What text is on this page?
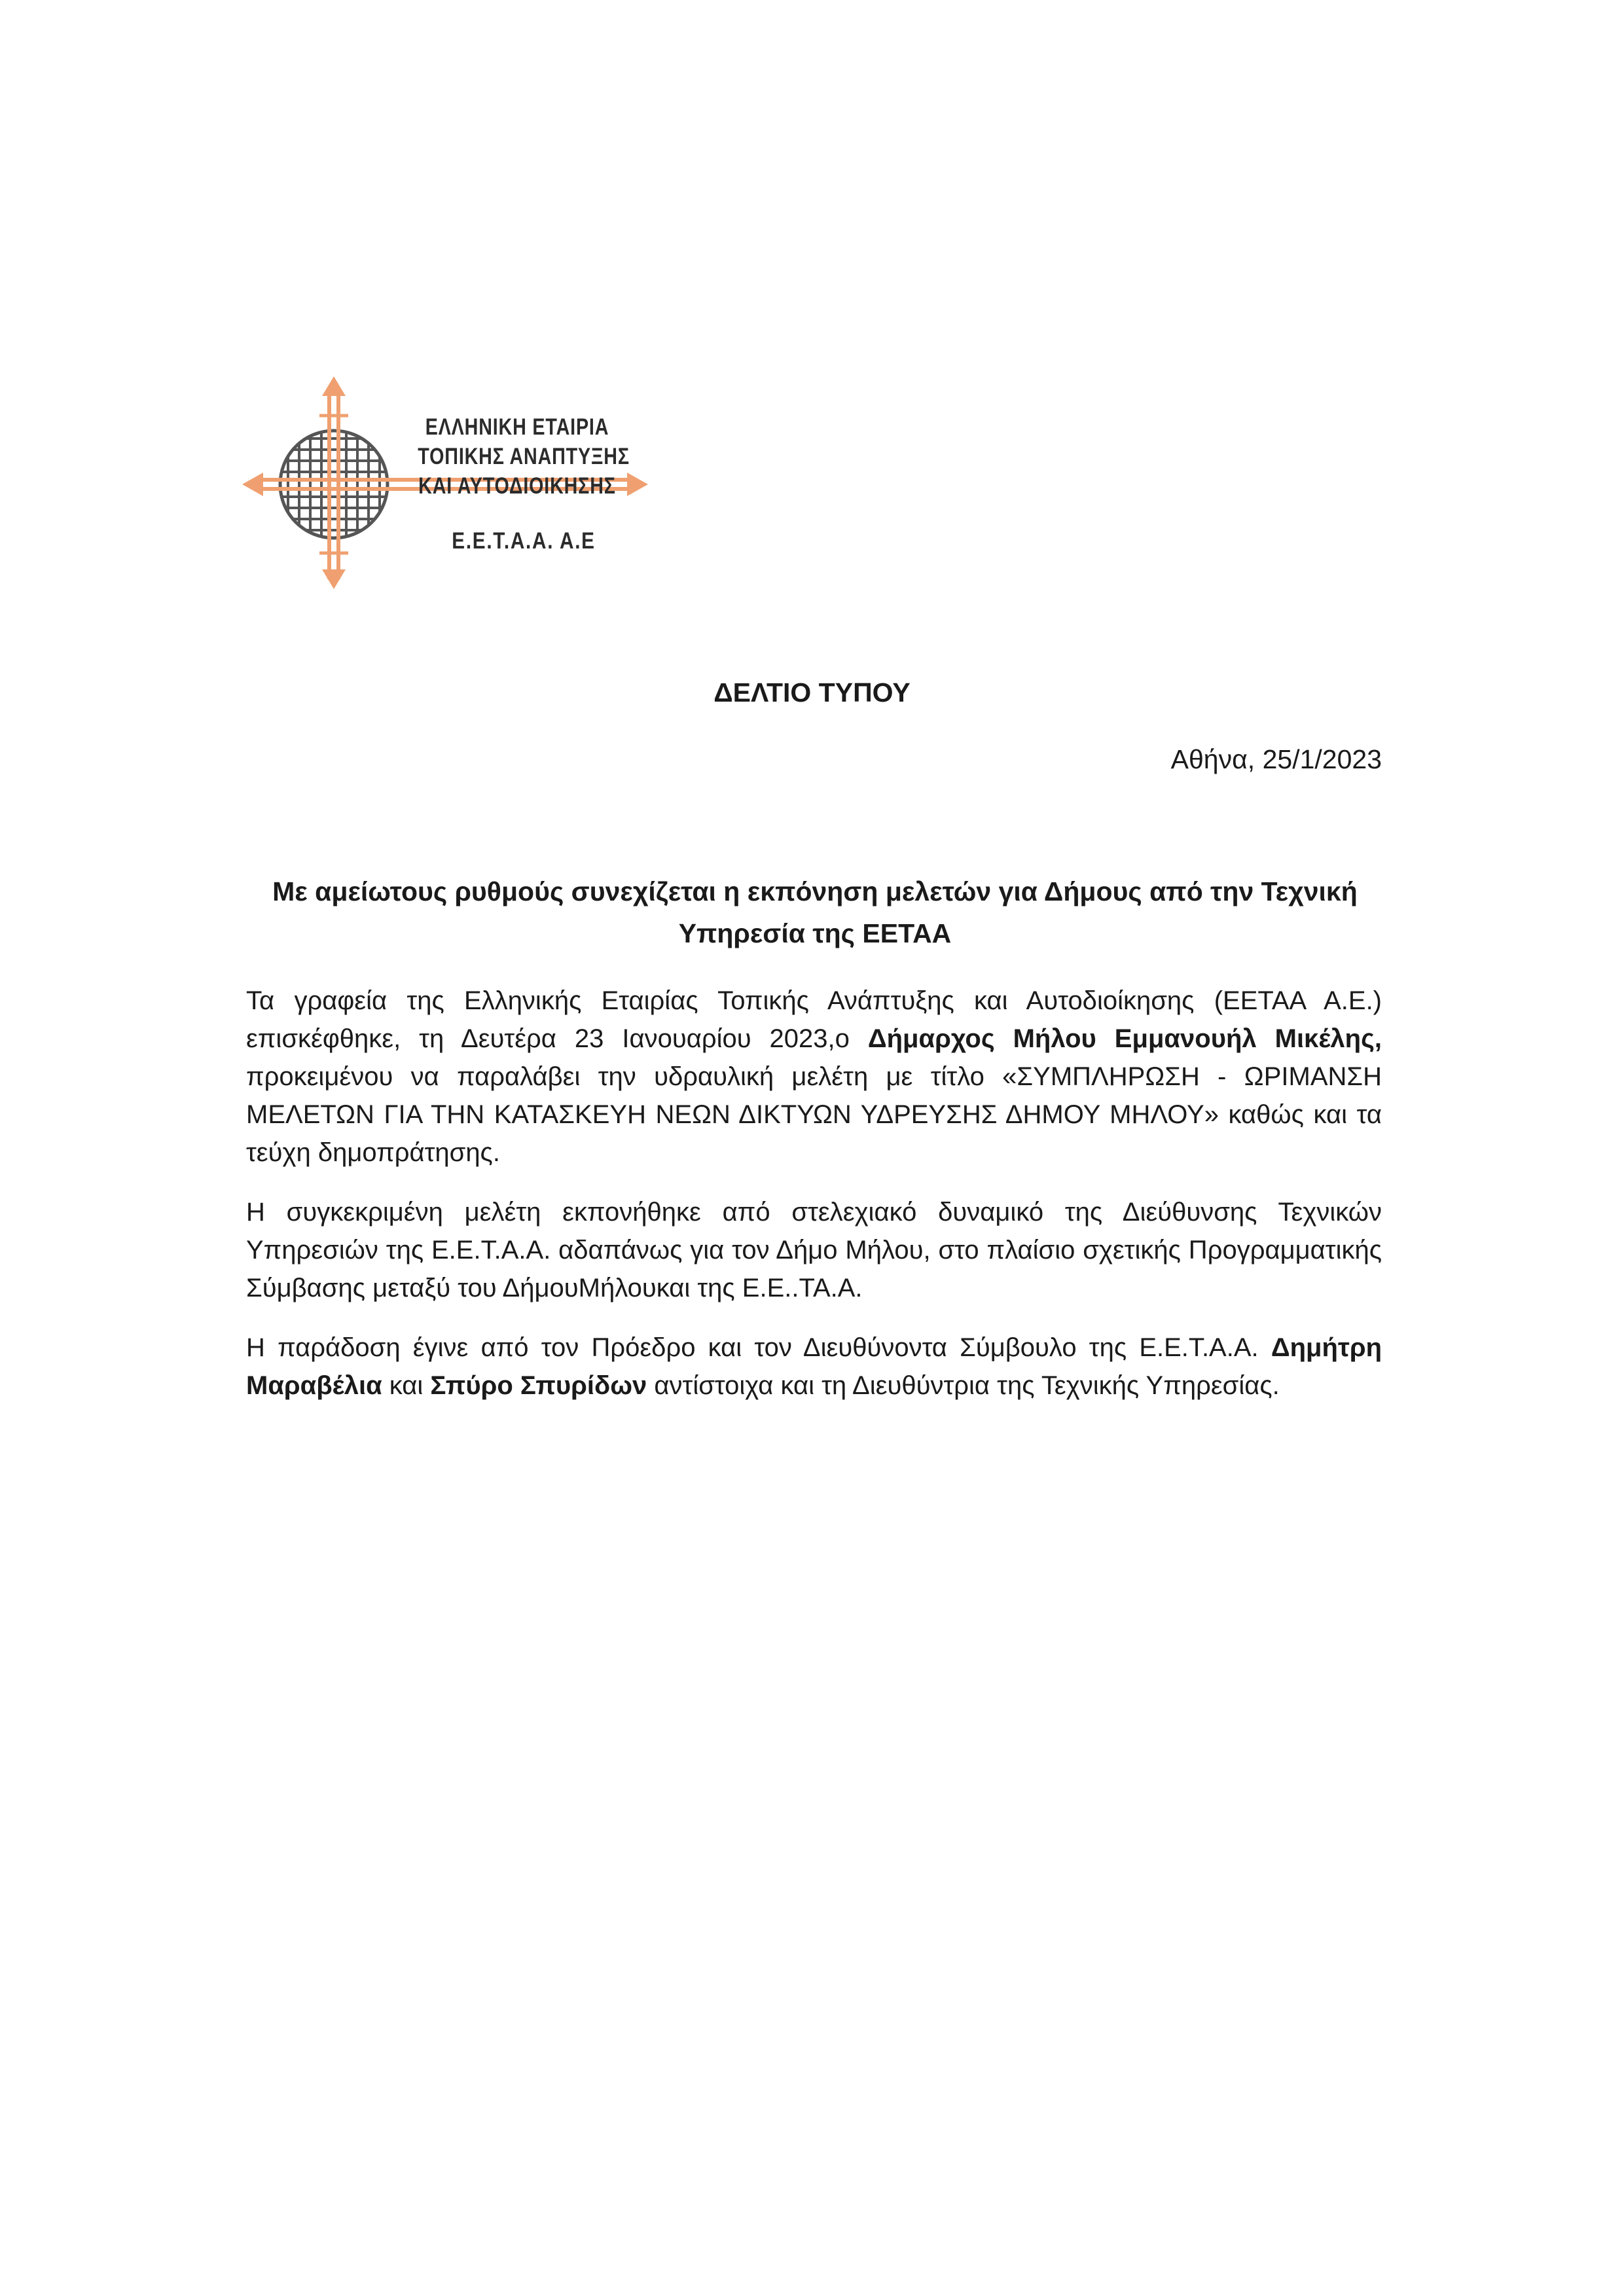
ΕΛΛΗΝΙΚΗ ΕΤΑΙΡΙΑ
ΤΟΠΙΚΗΣ ΑΝΑΠΤΥΞΗΣ
ΚΑΙ ΑΥΤΟΔΙΟΙΚΗΣΗΣ
Ε.Ε.Τ.Α.Α. Α.Ε
ΔΕΛΤΙΟ ΤΥΠΟΥ
Αθήνα, 25/1/2023
Με αμείωτους ρυθμούς συνεχίζεται η εκπόνηση μελετών για Δήμους από την Τεχνική Υπηρεσία της ΕΕΤΑΑ

Τα γραφεία της Ελληνικής Εταιρίας Τοπικής Ανάπτυξης και Αυτοδιοίκησης (ΕΕΤΑΑ Α.Ε.) επισκέφθηκε, τη Δευτέρα 23 Ιανουαρίου 2023,ο Δήμαρχος Μήλου Εμμανουήλ Μικέλης, προκειμένου να παραλάβει την υδραυλική μελέτη με τίτλο «ΣΥΜΠΛΗΡΩΣΗ - ΩΡΙΜΑΝΣΗ ΜΕΛΕΤΩΝ ΓΙΑ ΤΗΝ ΚΑΤΑΣΚΕΥΗ ΝΕΩΝ ΔΙΚΤΥΩΝ ΥΔΡΕΥΣΗΣ ΔΗΜΟΥ ΜΗΛΟΥ» καθώς και τα τεύχη δημοπράτησης.

Η συγκεκριμένη μελέτη εκπονήθηκε από στελεχιακό δυναμικό της Διεύθυνσης Τεχνικών Υπηρεσιών της Ε.Ε.Τ.Α.Α. αδαπάνως για τον Δήμο Μήλου, στο πλαίσιο σχετικής Προγραμματικής Σύμβασης μεταξύ του ΔήμουΜήλουκαι της Ε.Ε..ΤΑ.Α.

Η παράδοση έγινε από τον Πρόεδρο και τον Διευθύνοντα Σύμβουλο της Ε.Ε.Τ.Α.Α. Δημήτρη Μαραβέλια και Σπύρο Σπυρίδων αντίστοιχα και τη Διευθύντρια της Τεχνικής Υπηρεσίας.
